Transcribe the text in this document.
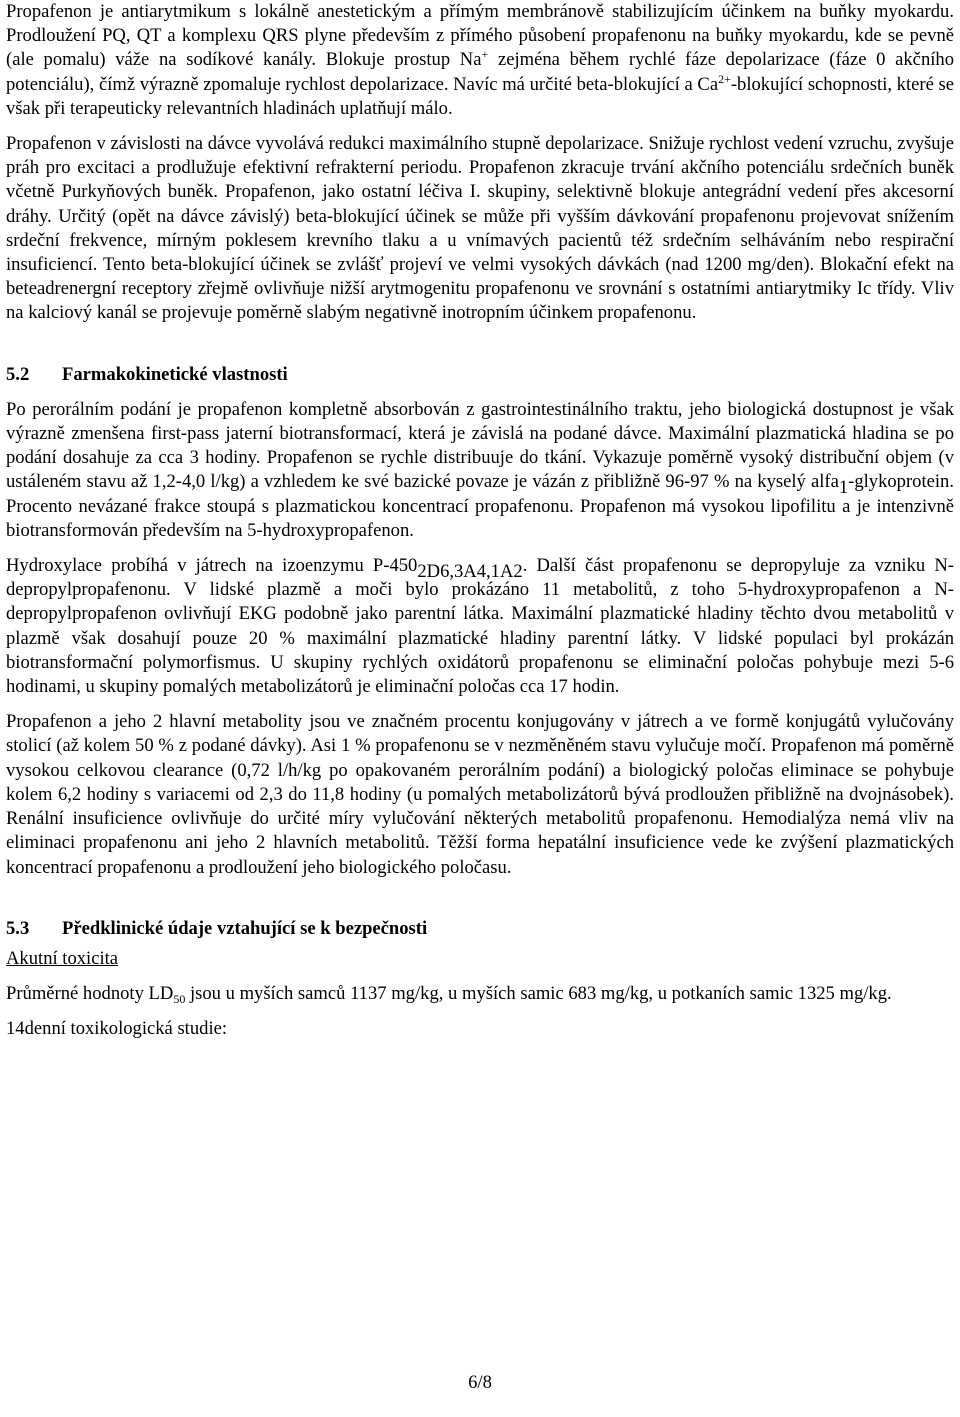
Propafenon je antiarytmikum s lokálně anestetickým a přímým membránově stabilizujícím účinkem na buňky myokardu. Prodloužení PQ, QT a komplexu QRS plyne především z přímého působení propafenonu na buňky myokardu, kde se pevně (ale pomalu) váže na sodíkové kanály. Blokuje prostup Na+ zejména během rychlé fáze depolarizace (fáze 0 akčního potenciálu), čímž výrazně zpomaluje rychlost depolarizace. Navíc má určité beta-blokující a $Ca^{2+}$-blokující schopnosti, které se však při terapeuticky relevantních hladinách uplatňují málo.

Propafenon v závislosti na dávce vyvolává redukci maximálního stupně depolarizace. Snižuje rychlost vedení vzruchu, zvyšuje práh pro excitaci a prodlužuje efektivní refrakterní periodu. Propafenon zkracuje trvání akčního potenciálu srdečních buněk včetně Purkyňových buněk. Propafenon, jako ostatní léčiva I. skupiny, selektivně blokuje antegrádní vedení přes akcesorní dráhy. Určitý (opět na dávce závislý) beta-blokující účinek se může při vyšším dávkování propafenonu projevovat snížením srdeční frekvence, mírným poklesem krevního tlaku a u vnímavých pacientů též srdečním selháváním nebo respirační insuficiencí. Tento beta-blokující účinek se zvlášť projeví ve velmi vysokých dávkách (nad 1200 mg/den). Blokační efekt na beteadrenergní receptory zřejmě ovlivňuje nižší arytmogenitu propafenonu ve srovnání s ostatními antiarytmiky Ic třídy. Vliv na kalciový kanál se projevuje poměrně slabým negativně inotropním účinkem propafenonu.

5.2 Farmakokinetické vlastnosti

Po perorálním podání je propafenon kompletně absorbován z gastrointestinálního traktu, jeho biologická dostupnost je však výrazně zmenšena first-pass jaterní biotransformací, která je závislá na podané dávce. Maximální plazmatická hladina se po podání dosahuje za cca 3 hodiny. Propafenon se rychle distribuuje do tkání. Vykazuje poměrně vysoký distribuční objem (v ustáleném stavu až 1,2-4,0 l/kg) a vzhledem ke své bazické povaze je vázán z přibližně 96-97 % na kyselý alfa1-glykoprotein. Procento nevázané frakce stoupá s plazmatickou koncentrací propafenonu. Propafenon má vysokou lipofilitu a je intenzivně biotransformován především na 5-hydroxypropafenon.

Hydroxylace probíhá v játrech na izoenzymu P-4502D6,3A4,1A2. Další část propafenonu se depropyluje za vzniku N-depropylpropafenonu. V lidské plazmě a moči bylo prokázáno 11 metabolitů, z toho 5-hydroxypropafenon a N-depropylpropafenon ovlivňují EKG podobně jako parentní látka. Maximální plazmatické hladiny těchto dvou metabolitů v plazmě však dosahují pouze 20 % maximální plazmatické hladiny parentní látky. V lidské populaci byl prokázán biotransformační polymorfismus. U skupiny rychlých oxidátorů propafenonu se eliminační poločas pohybuje mezi 5-6 hodinami, u skupiny pomalých metabolizátorů je eliminační poločas cca 17 hodin.

Propafenon a jeho 2 hlavní metabolity jsou ve značném procentu konjugovány v játrech a ve formě konjugátů vylučovány stolicí (až kolem 50 % z podané dávky). Asi 1 % propafenonu se v nezměněném stavu vylučuje močí. Propafenon má poměrně vysokou celkovou clearance (0,72 l/h/kg po opakovaném perorálním podání) a biologický poločas eliminace se pohybuje kolem 6,2 hodiny s variacemi od 2,3 do 11,8 hodiny (u pomalých metabolizátorů bývá prodloužen přibližně na dvojnásobek). Renální insuficience ovlivňuje do určité míry vylučování některých metabolitů propafenonu. Hemodialýza nemá vliv na eliminaci propafenonu ani jeho 2 hlavních metabolitů. Těžší forma hepatální insuficience vede ke zvýšení plazmatických koncentrací propafenonu a prodloužení jeho biologického poločasu.

5.3 Předklinické údaje vztahující se k bezpečnosti

Akutní toxicita

Průměrné hodnoty $LD_{50}$ jsou u myších samců 1137 mg/kg, u myších samic 683 mg/kg, u potkaních samic 1325 mg/kg.

14denní toxikologická studie:

6/8
